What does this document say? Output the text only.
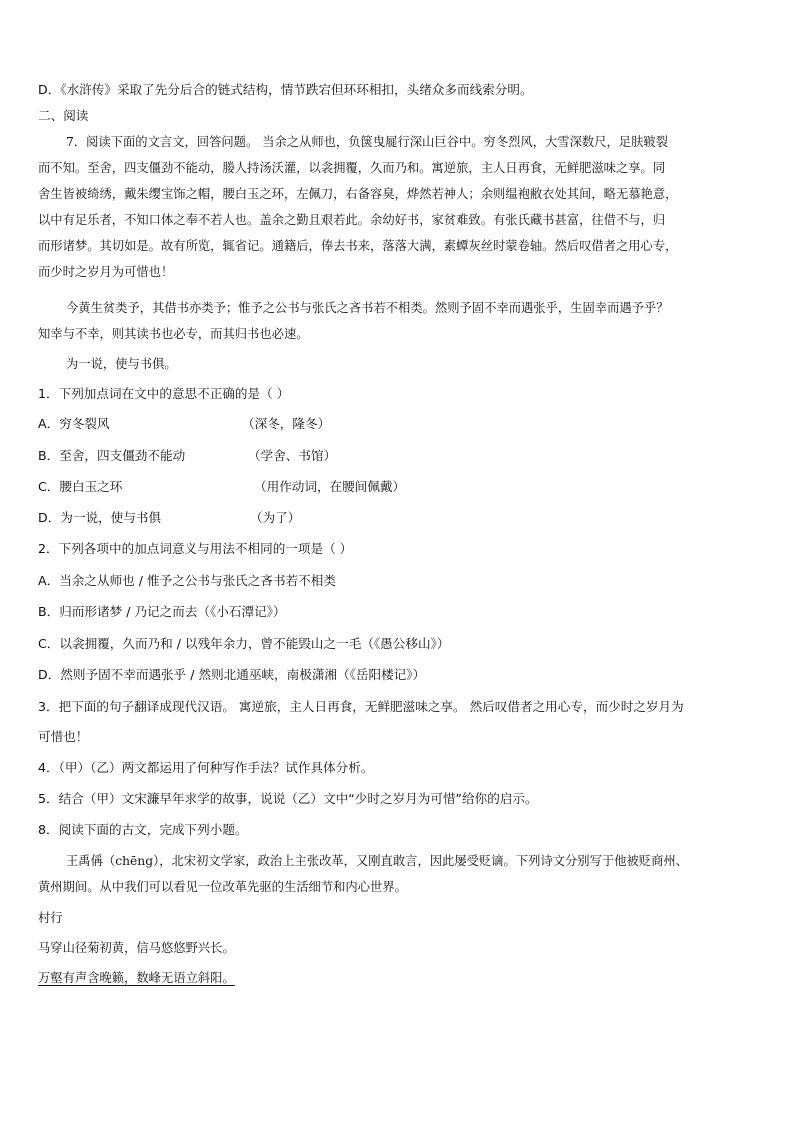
D．《水浒传》采取了先分后合的链式结构，情节跌宕但环环相扣，头绪众多而线索分明。
二、阅读
7．阅读下面的文言文，回答问题。 当余之从师也，负箧曳屣行深山巨谷中。穷冬烈风，大雪深数尺，足肤皲裂
而不知。至舍，四支僵劲不能动，媵人持汤沃灌，以衾拥覆，久而乃和。寓逆旅，主人日再食，无鲜肥滋味之享。同
舍生皆被绮绣，戴朱缨宝饰之帽，腰白玉之环，左佩刀，右备容臭，烨然若神人；余则缊袍敝衣处其间，略无慕艳意，
以中有足乐者，不知口体之奉不若人也。盖余之勤且艰若此。余幼好书，家贫难致。有张氏藏书甚富，往借不与，归
而形诸梦。其切如是。故有所览，辄省记。通籍后，俸去书来，落落大满，素蟫灰丝时蒙卷轴。然后叹借者之用心专，
而少时之岁月为可惜也！
今黄生贫类予，其借书亦类予；惟予之公书与张氏之吝书若不相类。然则予固不幸而遇张乎，生固幸而遇予乎？
知幸与不幸，则其读书也必专，而其归书也必速。
为一说，使与书俱。
1．下列加点词在文中的意思不正确的是（ ）
A．穷冬裂风	（深冬，隆冬）
B．至舍，四支僵劲不能动	（学舍、书馆）
C．腰白玉之环	（用作动词，在腰间佩戴）
D．为一说，使与书俱	（为了）
2．下列各项中的加点词意义与用法不相同的一项是（ ）
A．当余之从师也 / 惟予之公书与张氏之吝书若不相类
B．归而形诸梦 / 乃记之而去（《小石潭记》）
C．以衾拥覆，久而乃和 / 以残年余力，曾不能毁山之一毛（《愚公移山》）
D．然则予固不幸而遇张乎 / 然则北通巫峡，南极潇湘（《岳阳楼记》）
3．把下面的句子翻译成现代汉语。 寓逆旅，主人日再食，无鲜肥滋味之享。 然后叹借者之用心专，而少时之岁月为
可惜也！
4．（甲）（乙）两文都运用了何种写作手法？试作具体分析。
5．结合（甲）文宋濂早年求学的故事，说说（乙）文中“少时之岁月为可惜”给你的启示。
8．阅读下面的古文，完成下列小题。
王禹偁（chēng），北宋初文学家，政治上主张改革，又刚直敢言，因此屡受贬谪。下列诗文分别写于他被贬商州、
黄州期间。从中我们可以看见一位改革先驱的生活细节和内心世界。
村行
马穿山径菊初黄，信马悠悠野兴长。
万壑有声含晚籁，数峰无语立斜阳。
